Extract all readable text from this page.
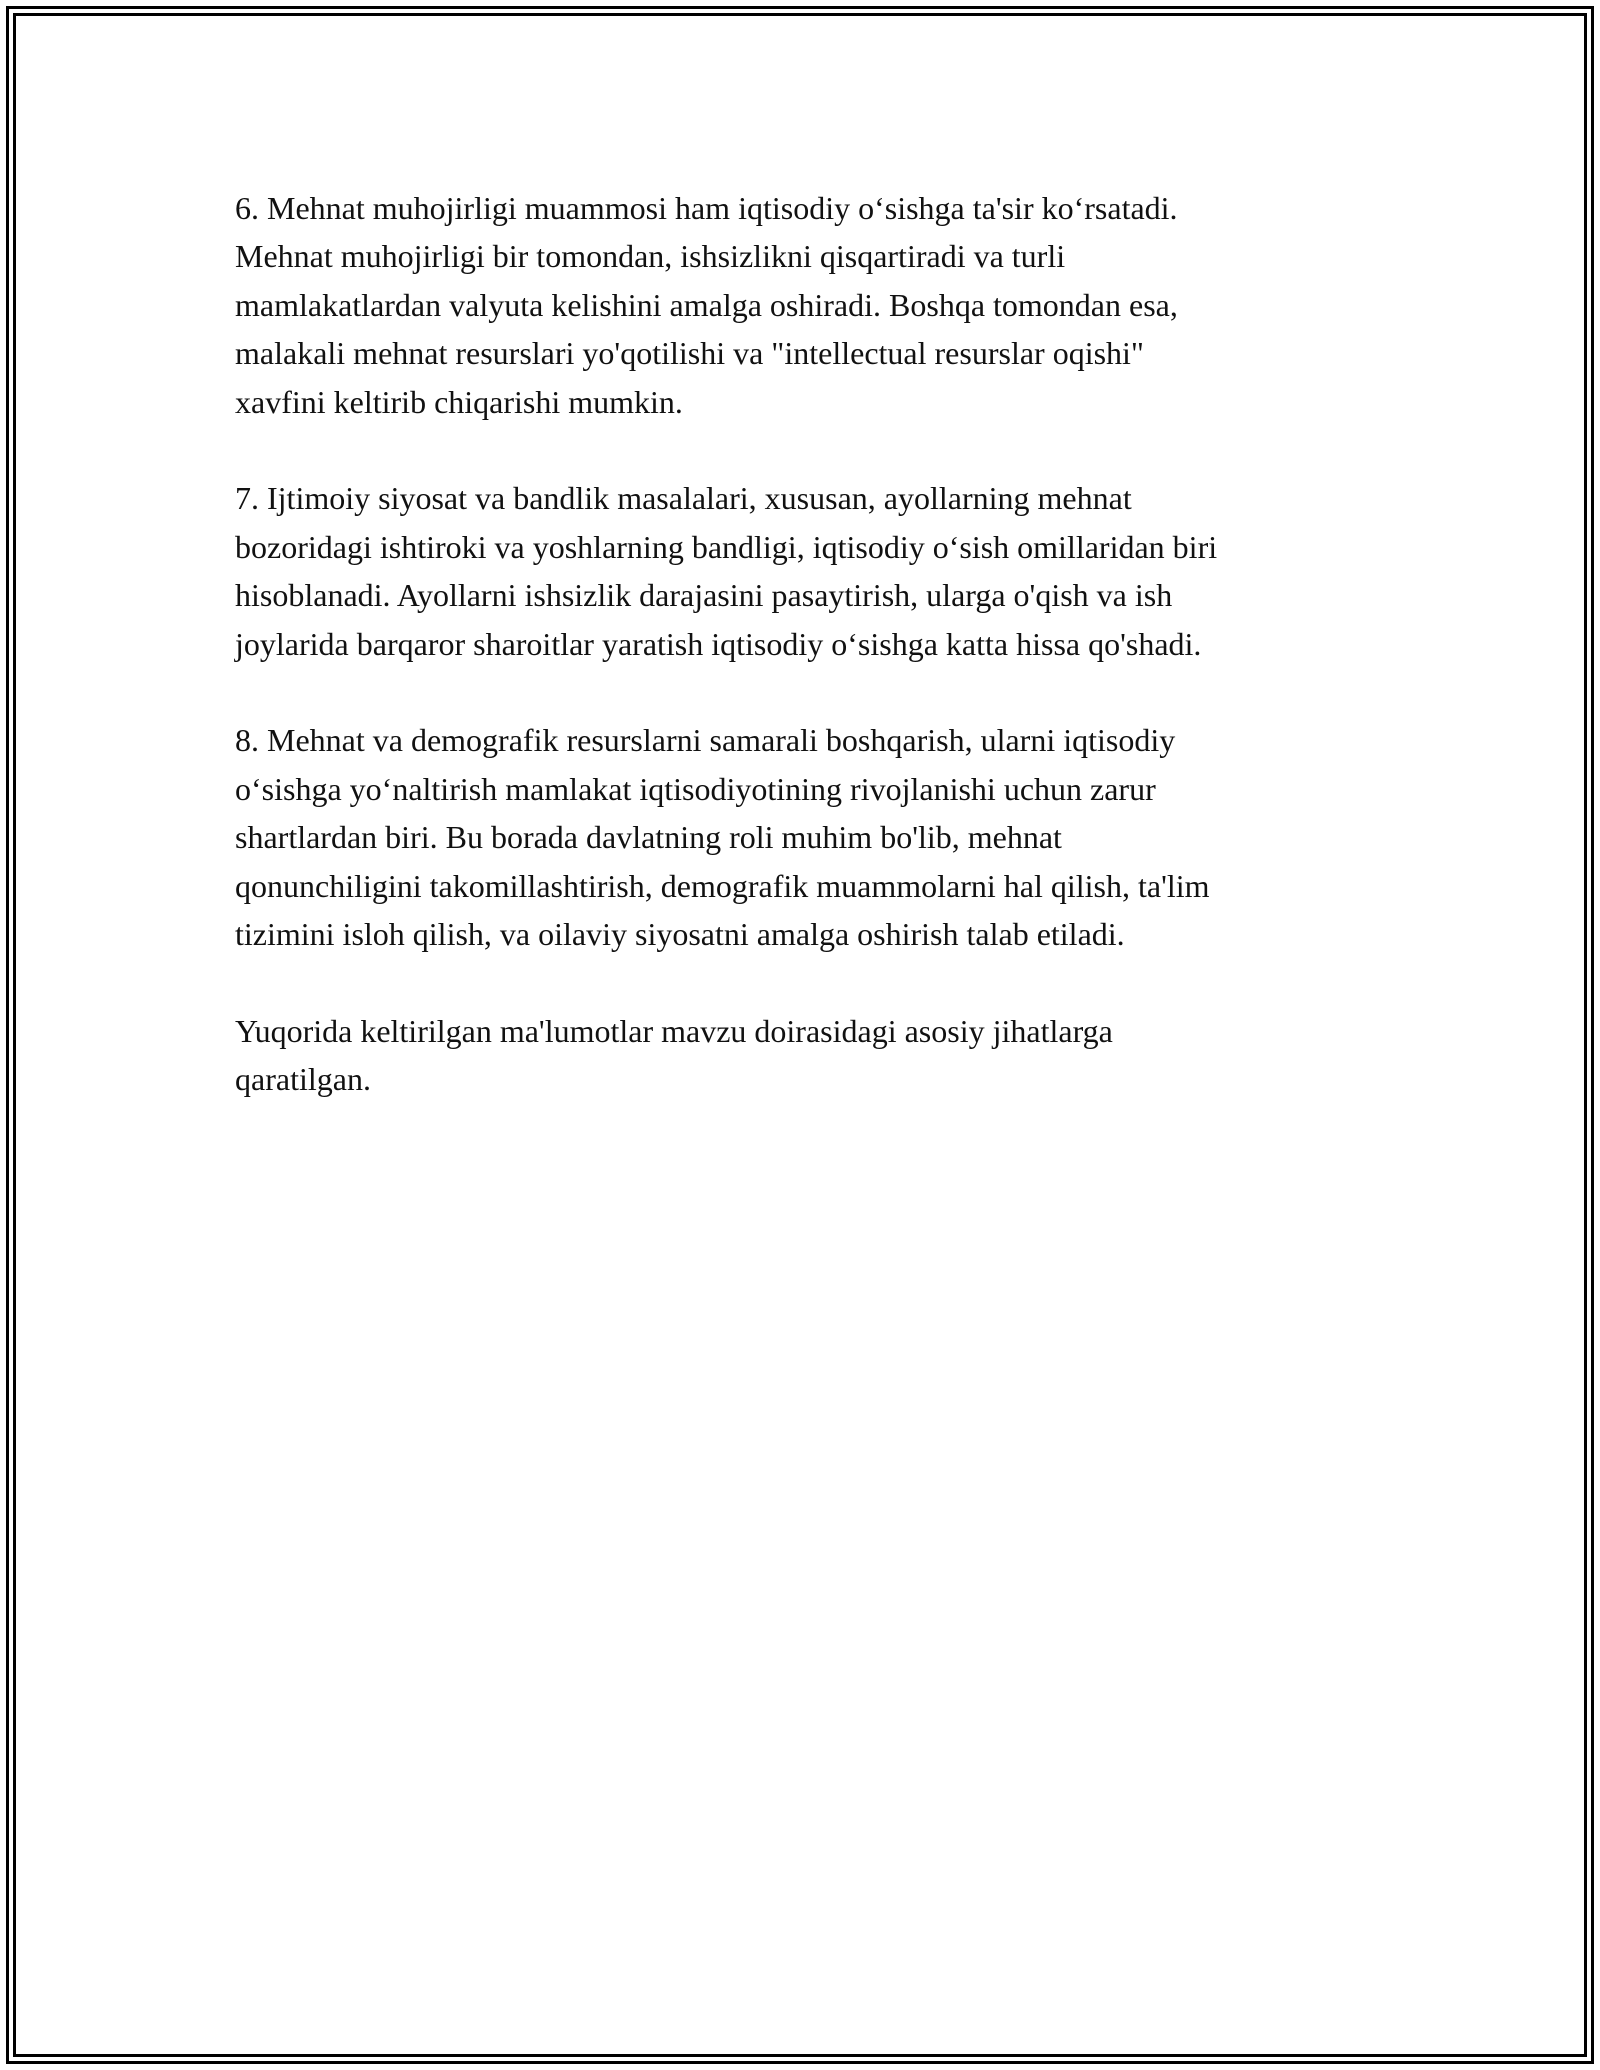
6. Mehnat muhojirligi muammosi ham iqtisodiy o‘sishga ta'sir ko‘rsatadi.
Mehnat muhojirligi bir tomondan, ishsizlikni qisqartiradi va turli
mamlakatlardan valyuta kelishini amalga oshiradi. Boshqa tomondan esa,
malakali mehnat resurslari yo'qotilishi va "intellectual resurslar oqishi"
xavfini keltirib chiqarishi mumkin.

7. Ijtimoiy siyosat va bandlik masalalari, xususan, ayollarning mehnat
bozoridagi ishtiroki va yoshlarning bandligi, iqtisodiy o‘sish omillaridan biri
hisoblanadi. Ayollarni ishsizlik darajasini pasaytirish, ularga o'qish va ish
joylarida barqaror sharoitlar yaratish iqtisodiy o‘sishga katta hissa qo'shadi.

8. Mehnat va demografik resurslarni samarali boshqarish, ularni iqtisodiy
o‘sishga yo‘naltirish mamlakat iqtisodiyotining rivojlanishi uchun zarur
shartlardan biri. Bu borada davlatning roli muhim bo'lib, mehnat
qonunchiligini takomillashtirish, demografik muammolarni hal qilish, ta'lim
tizimini isloh qilish, va oilaviy siyosatni amalga oshirish talab etiladi.

Yuqorida keltirilgan ma'lumotlar mavzu doirasidagi asosiy jihatlarga
qaratilgan.
